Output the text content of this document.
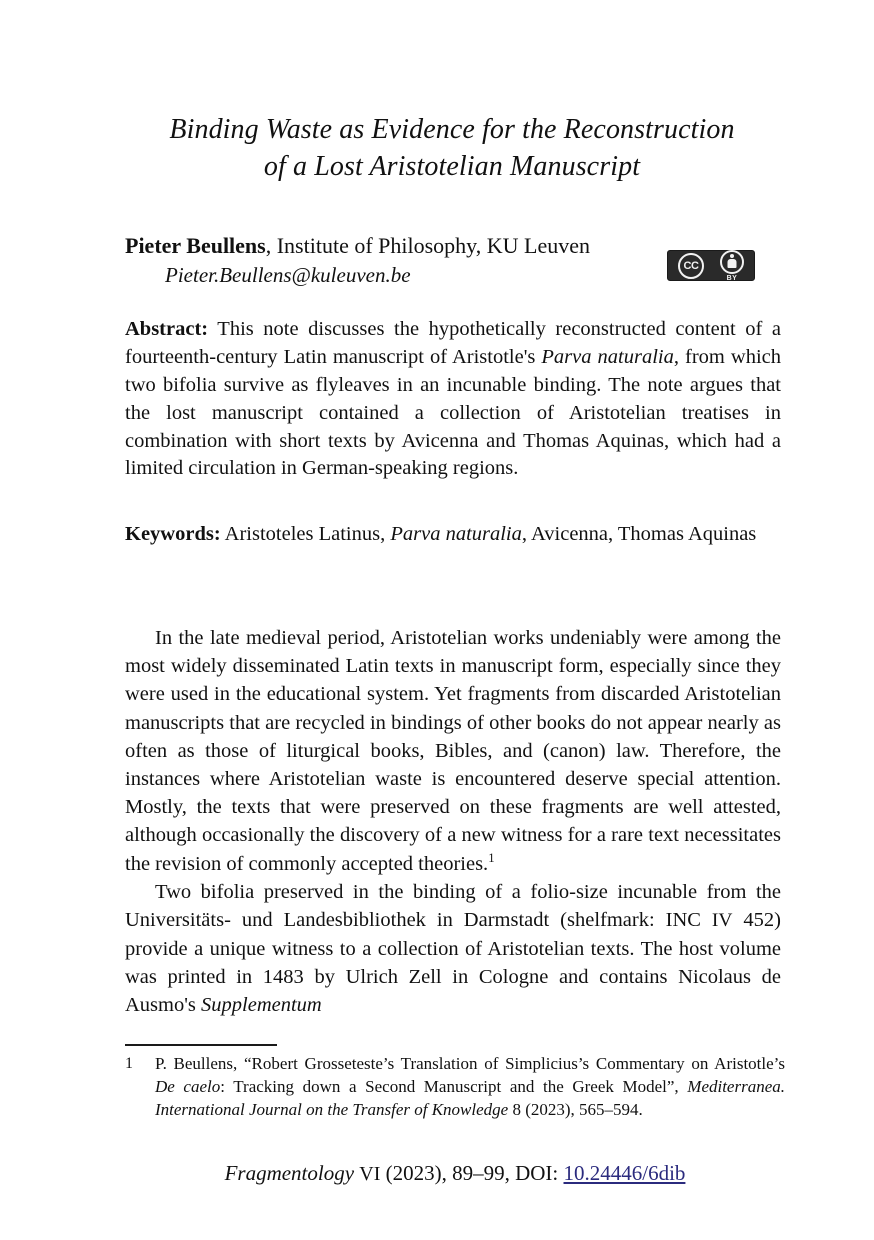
Binding Waste as Evidence for the Reconstruction
of a Lost Aristotelian Manuscript
Pieter Beullens, Institute of Philosophy, KU Leuven
Pieter.Beullens@kuleuven.be	CC
BY
Abstract: This note discusses the hypothetically reconstructed content of a fourteenth-century Latin manuscript of Aristotle's Parva naturalia, from which two bifolia survive as flyleaves in an incunable binding. The note argues that the lost manuscript contained a collection of Aristotelian treatises in combination with short texts by Avicenna and Thomas Aquinas, which had a limited circulation in German-speaking regions.
Keywords: Aristoteles Latinus, Parva naturalia, Avicenna, Thomas Aquinas

In the late medieval period, Aristotelian works undeniably were among the most widely disseminated Latin texts in manuscript form, especially since they were used in the educational system. Yet fragments from discarded Aristotelian manuscripts that are recycled in bindings of other books do not appear nearly as often as those of liturgical books, Bibles, and (canon) law. Therefore, the instances where Aristotelian waste is encountered deserve special attention. Mostly, the texts that were preserved on these fragments are well attested, although occasionally the discovery of a new witness for a rare text necessitates the revision of commonly accepted theories.$^1$

Two bifolia preserved in the binding of a folio-size incunable from the Universitäts- und Landesbibliothek in Darmstadt (shelfmark: INC IV 452) provide a unique witness to a collection of Aristotelian texts. The host volume was printed in 1483 by Ulrich Zell in Cologne and contains Nicolaus de Ausmo's Supplementum

1	P. Beullens, “Robert Grosseteste’s Translation of Simplicius’s Commentary on Aristotle’s De caelo: Tracking down a Second Manuscript and the Greek Model”, Mediterranea. International Journal on the Transfer of Knowledge 8 (2023), 565–594.
Fragmentology VI (2023), 89–99, DOI: 10.24446/6dib
